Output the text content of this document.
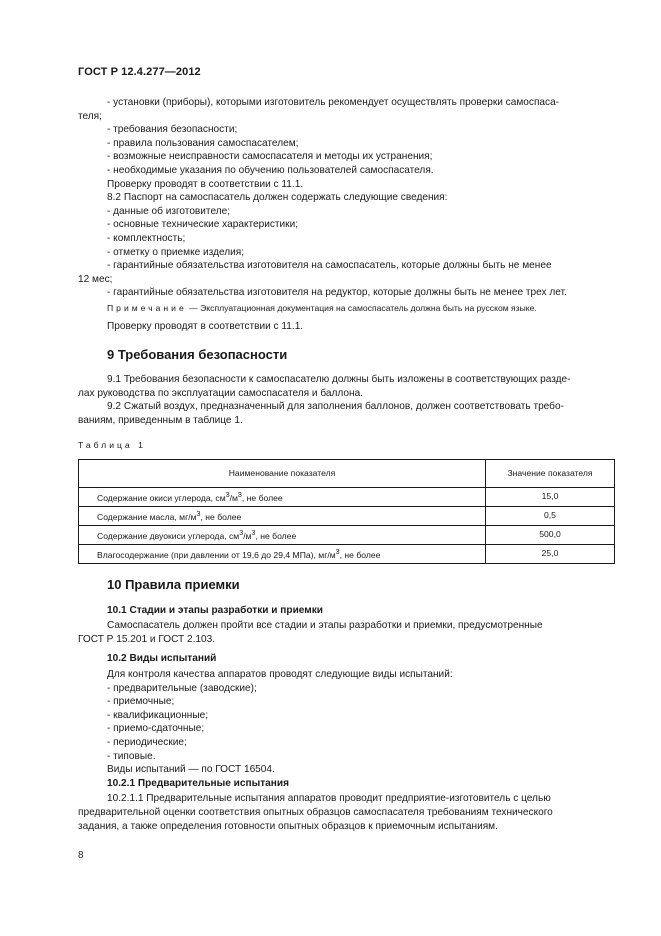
ГОСТ Р 12.4.277—2012

- установки (приборы), которыми изготовитель рекомендует осуществлять проверки самоспаса-

теля;

- требования безопасности;

- правила пользования самоспасателем;

- возможные неисправности самоспасателя и методы их устранения;

- необходимые указания по обучению пользователей самоспасателя.

Проверку проводят в соответствии с 11.1.

8.2 Паспорт на самоспасатель должен содержать следующие сведения:

- данные об изготовителе;

- основные технические характеристики;

- комплектность;

- отметку о приемке изделия;

- гарантийные обязательства изготовителя на самоспасатель, которые должны быть не менее

12 мес;

- гарантийные обязательства изготовителя на редуктор, которые должны быть не менее трех лет.

Примечание — Эксплуатационная документация на самоспасатель должна быть на русском языке.

Проверку проводят в соответствии с 11.1.

9 Требования безопасности

9.1 Требования безопасности к самоспасателю должны быть изложены в соответствующих разде-

лах руководства по эксплуатации самоспасателя и баллона.

9.2 Сжатый воздух, предназначенный для заполнения баллонов, должен соответствовать требо-

ваниям, приведенным в таблице 1.

Таблица 1
Наименование показателя	Значение показателя
Содержание окиси углерода, $см^3/м^3$, не более	15,0
Содержание масла, $мг/м^3$, не более	0,5
Содержание двуокиси углерода, $см^3/м^3$, не более	500,0
Влагосодержание (при давлении от 19,6 до 29,4 МПа), $мг/м^3$, не более	25,0
10 Правила приемки
10.1 Стадии и этапы разработки и приемки

Самоспасатель должен пройти все стадии и этапы разработки и приемки, предусмотренные

ГОСТ Р 15.201 и ГОСТ 2.103.

10.2 Виды испытаний

Для контроля качества аппаратов проводят следующие виды испытаний:

- предварительные (заводские);

- приемочные;

- квалификационные;

- приемо-сдаточные;

- периодические;

- типовые.

Виды испытаний — по ГОСТ 16504.

10.2.1 Предварительные испытания

10.2.1.1 Предварительные испытания аппаратов проводит предприятие-изготовитель с целью

предварительной оценки соответствия опытных образцов самоспасателя требованиям технического

задания, а также определения готовности опытных образцов к приемочным испытаниям.

8
